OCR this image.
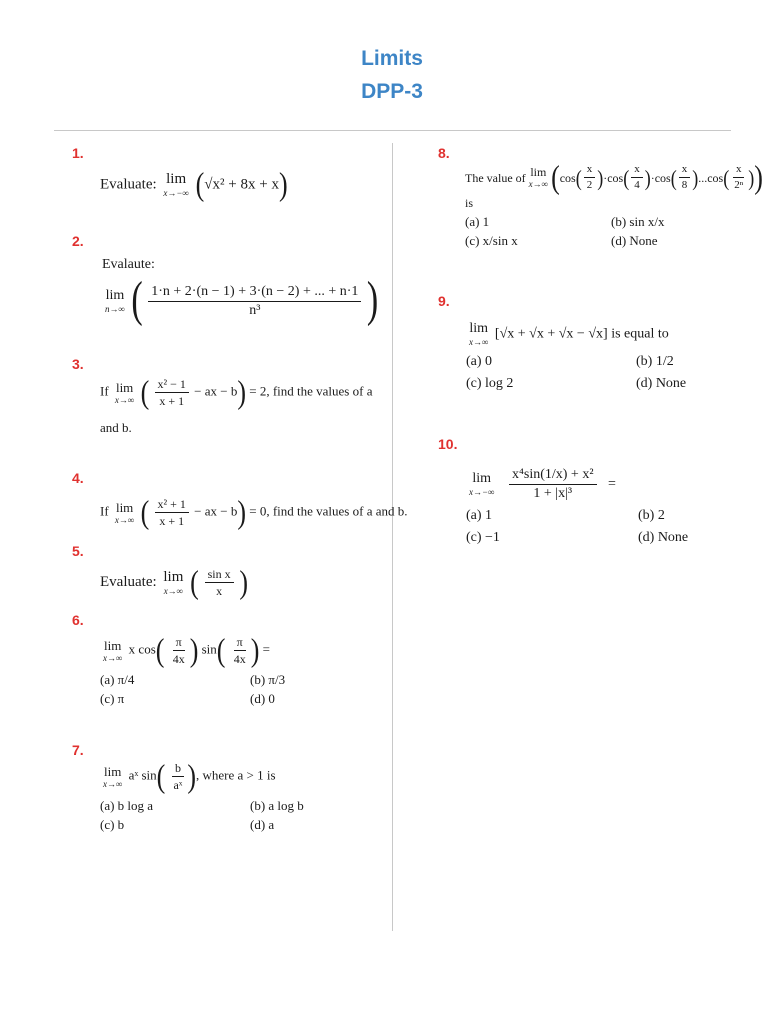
Limits
DPP-3
1.
Evaluate: lim
x→−∞ (√x² + 8x + x)
2.
Evalaute:
lim
n→∞ ( $\frac{1\cdot n + 2\cdot(n - 1) + 3\cdot(n - 2) + ... + n\cdot 1}{\text{n³}}$ )
3.
If lim
x→∞ ( $\frac{\text{x² − 1}}{x + 1}$ − ax − b) = 2, find the values of a
and b.
4.
If lim
x→∞ ( $\frac{\text{x² + 1}}{x + 1}$ − ax − b) = 0, find the values of a and b.
5.
Evaluate: lim
x→∞ ( $\frac{\text{sin x}}{x}$ )
6.
lim
x→∞
x $\cos( \frac{\pi}{4x}$ ) $\sin( \frac{\pi}{4x}$ ) =
(a) π/4	(b) π/3
(c) π	(d) 0
7.
lim
x→∞
aˣ $\sin( \frac{b}{\text{aˣ}}$ ), where a > 1 is
(a) b log a	(b) a log b
(c) b	(d) a
8.
The value of lim
x→∞ ( cos ( $\frac{x}{2}$ ) · cos ( $\frac{x}{4}$ ) · cos ( $\frac{x}{8}$ ) ... cos ( $\frac{x}{\text{2ⁿ}}$ ) )
is
(a) 1	(b) sin x/x
(c) x/sin x	(d) None
9.
lim
x→∞
[√x + √x + √x − √x] is equal to
(a) 0	(b) 1/2
(c) log 2	(d) None
10.
lim
x→−∞
$\frac{\text{x⁴sin(1/x) + x²}}{\text{1 + |x|³}}$ =
(a) 1	(b) 2
(c) −1	(d) None
